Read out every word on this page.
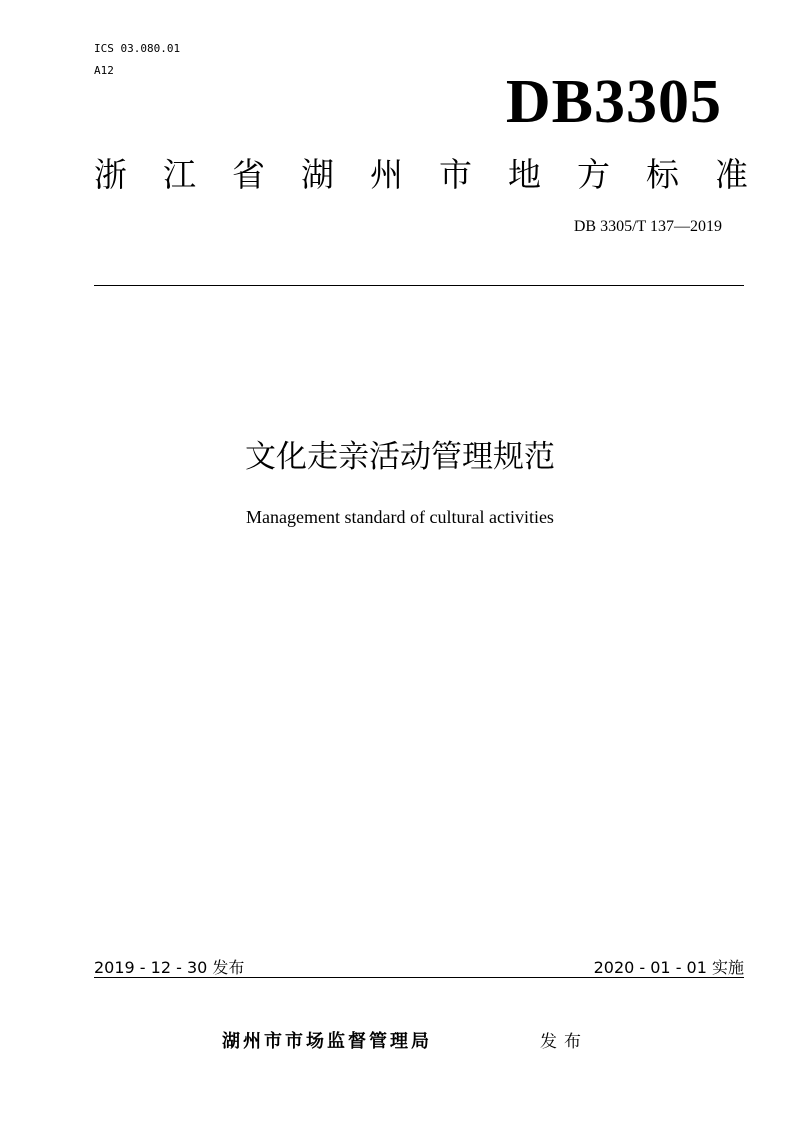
ICS 03.080.01
A12	DB3305
浙 江 省 湖 州 市 地 方 标 准
DB 3305/T 137—2019
文化走亲活动管理规范
Management standard of cultural activities
2019 - 12 - 30 发布	2020 - 01 - 01 实施
湖州市市场监督管理局	发布
